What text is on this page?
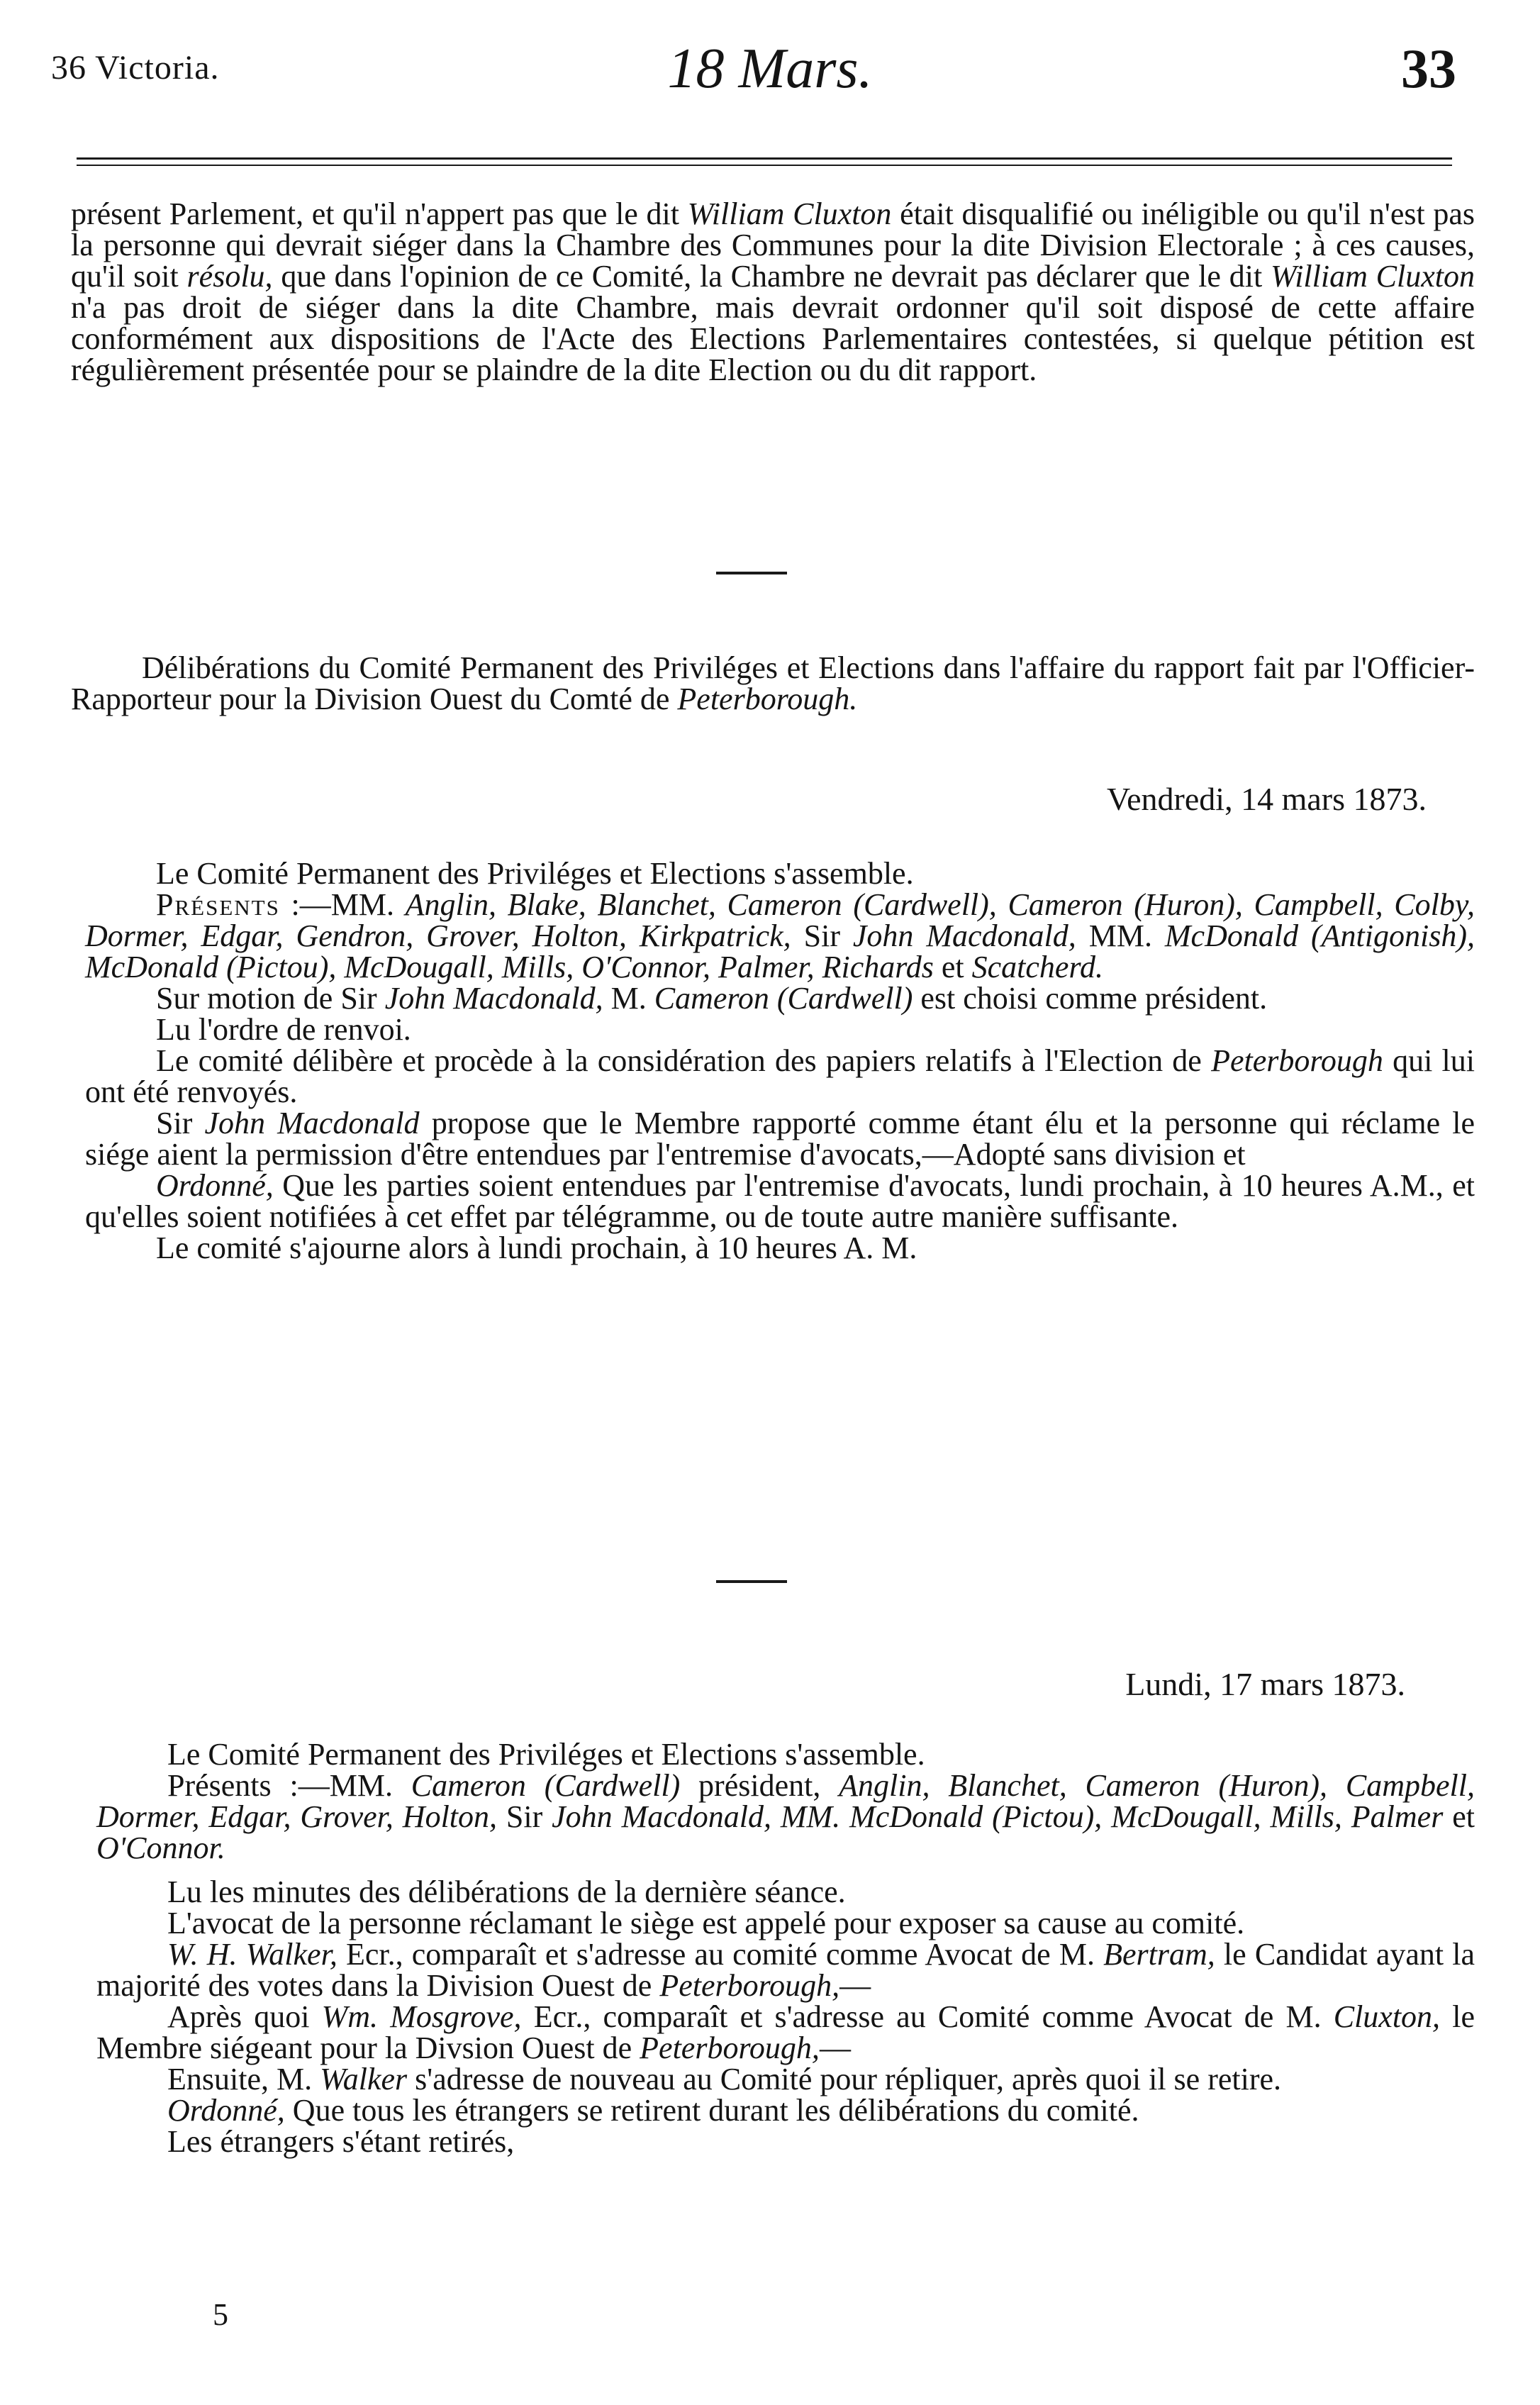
36 Victoria.	18 Mars.	33

présent Parlement, et qu'il n'appert pas que le dit William Cluxton était disqualifié ou inéligible ou qu'il n'est pas la personne qui devrait siéger dans la Chambre des Communes pour la dite Division Electorale ; à ces causes, qu'il soit résolu, que dans l'opinion de ce Comité, la Chambre ne devrait pas déclarer que le dit William Cluxton n'a pas droit de siéger dans la dite Chambre, mais devrait ordonner qu'il soit disposé de cette affaire conformément aux dispositions de l'Acte des Elections Parlementaires contestées, si quelque pétition est régulièrement présentée pour se plaindre de la dite Election ou du dit rapport.

Délibérations du Comité Permanent des Priviléges et Elections dans l'affaire du rapport fait par l'Officier-Rapporteur pour la Division Ouest du Comté de Peterborough.

Vendredi, 14 mars 1873.

Le Comité Permanent des Priviléges et Elections s'assemble.

Présents :—MM. Anglin, Blake, Blanchet, Cameron (Cardwell), Cameron (Huron), Campbell, Colby, Dormer, Edgar, Gendron, Grover, Holton, Kirkpatrick, Sir John Macdonald, MM. McDonald (Antigonish), McDonald (Pictou), McDougall, Mills, O'Connor, Palmer, Richards et Scatcherd.

Sur motion de Sir John Macdonald, M. Cameron (Cardwell) est choisi comme président.

Lu l'ordre de renvoi.

Le comité délibère et procède à la considération des papiers relatifs à l'Election de Peterborough qui lui ont été renvoyés.

Sir John Macdonald propose que le Membre rapporté comme étant élu et la personne qui réclame le siége aient la permission d'être entendues par l'entremise d'avocats,—Adopté sans division et

Ordonné, Que les parties soient entendues par l'entremise d'avocats, lundi prochain, à 10 heures A.M., et qu'elles soient notifiées à cet effet par télégramme, ou de toute autre manière suffisante.

Le comité s'ajourne alors à lundi prochain, à 10 heures A. M.

Lundi, 17 mars 1873.

Le Comité Permanent des Priviléges et Elections s'assemble.

Présents :—MM. Cameron (Cardwell) président, Anglin, Blanchet, Cameron (Huron), Campbell, Dormer, Edgar, Grover, Holton, Sir John Macdonald, MM. McDonald (Pictou), McDougall, Mills, Palmer et O'Connor.

Lu les minutes des délibérations de la dernière séance.

L'avocat de la personne réclamant le siège est appelé pour exposer sa cause au comité.

W. H. Walker, Ecr., comparaît et s'adresse au comité comme Avocat de M. Bertram, le Candidat ayant la majorité des votes dans la Division Ouest de Peterborough,—

Après quoi Wm. Mosgrove, Ecr., comparaît et s'adresse au Comité comme Avocat de M. Cluxton, le Membre siégeant pour la Divsion Ouest de Peterborough,—

Ensuite, M. Walker s'adresse de nouveau au Comité pour répliquer, après quoi il se retire.

Ordonné, Que tous les étrangers se retirent durant les délibérations du comité.

Les étrangers s'étant retirés,

5
